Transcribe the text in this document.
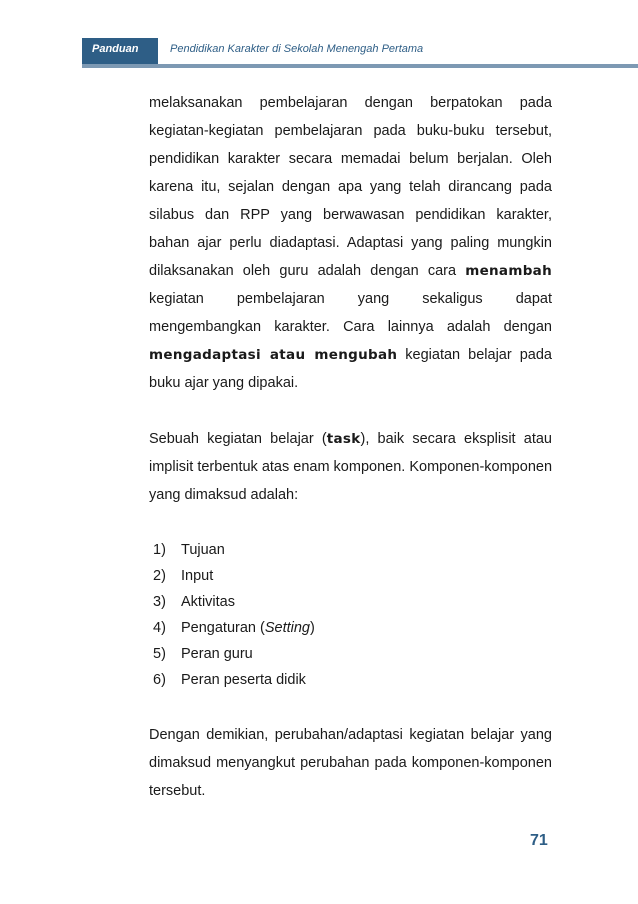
Panduan	Pendidikan Karakter di Sekolah Menengah Pertama

melaksanakan pembelajaran dengan berpatokan pada kegiatan-kegiatan pembelajaran pada buku-buku tersebut, pendidikan karakter secara memadai belum berjalan. Oleh karena itu, sejalan dengan apa yang telah dirancang pada silabus dan RPP yang berwawasan pendidikan karakter, bahan ajar perlu diadaptasi. Adaptasi yang paling mungkin dilaksanakan oleh guru adalah dengan cara menambah kegiatan pembelajaran yang sekaligus dapat mengembangkan karakter. Cara lainnya adalah dengan mengadaptasi atau mengubah kegiatan belajar pada buku ajar yang dipakai.

Sebuah kegiatan belajar (task), baik secara eksplisit atau implisit terbentuk atas enam komponen. Komponen-komponen yang dimaksud adalah:

1)	Tujuan
2)	Input
3)	Aktivitas
4)	Pengaturan (Setting)
5)	Peran guru
6)	Peran peserta didik

Dengan demikian, perubahan/adaptasi kegiatan belajar yang dimaksud menyangkut perubahan pada komponen-komponen tersebut.

71
